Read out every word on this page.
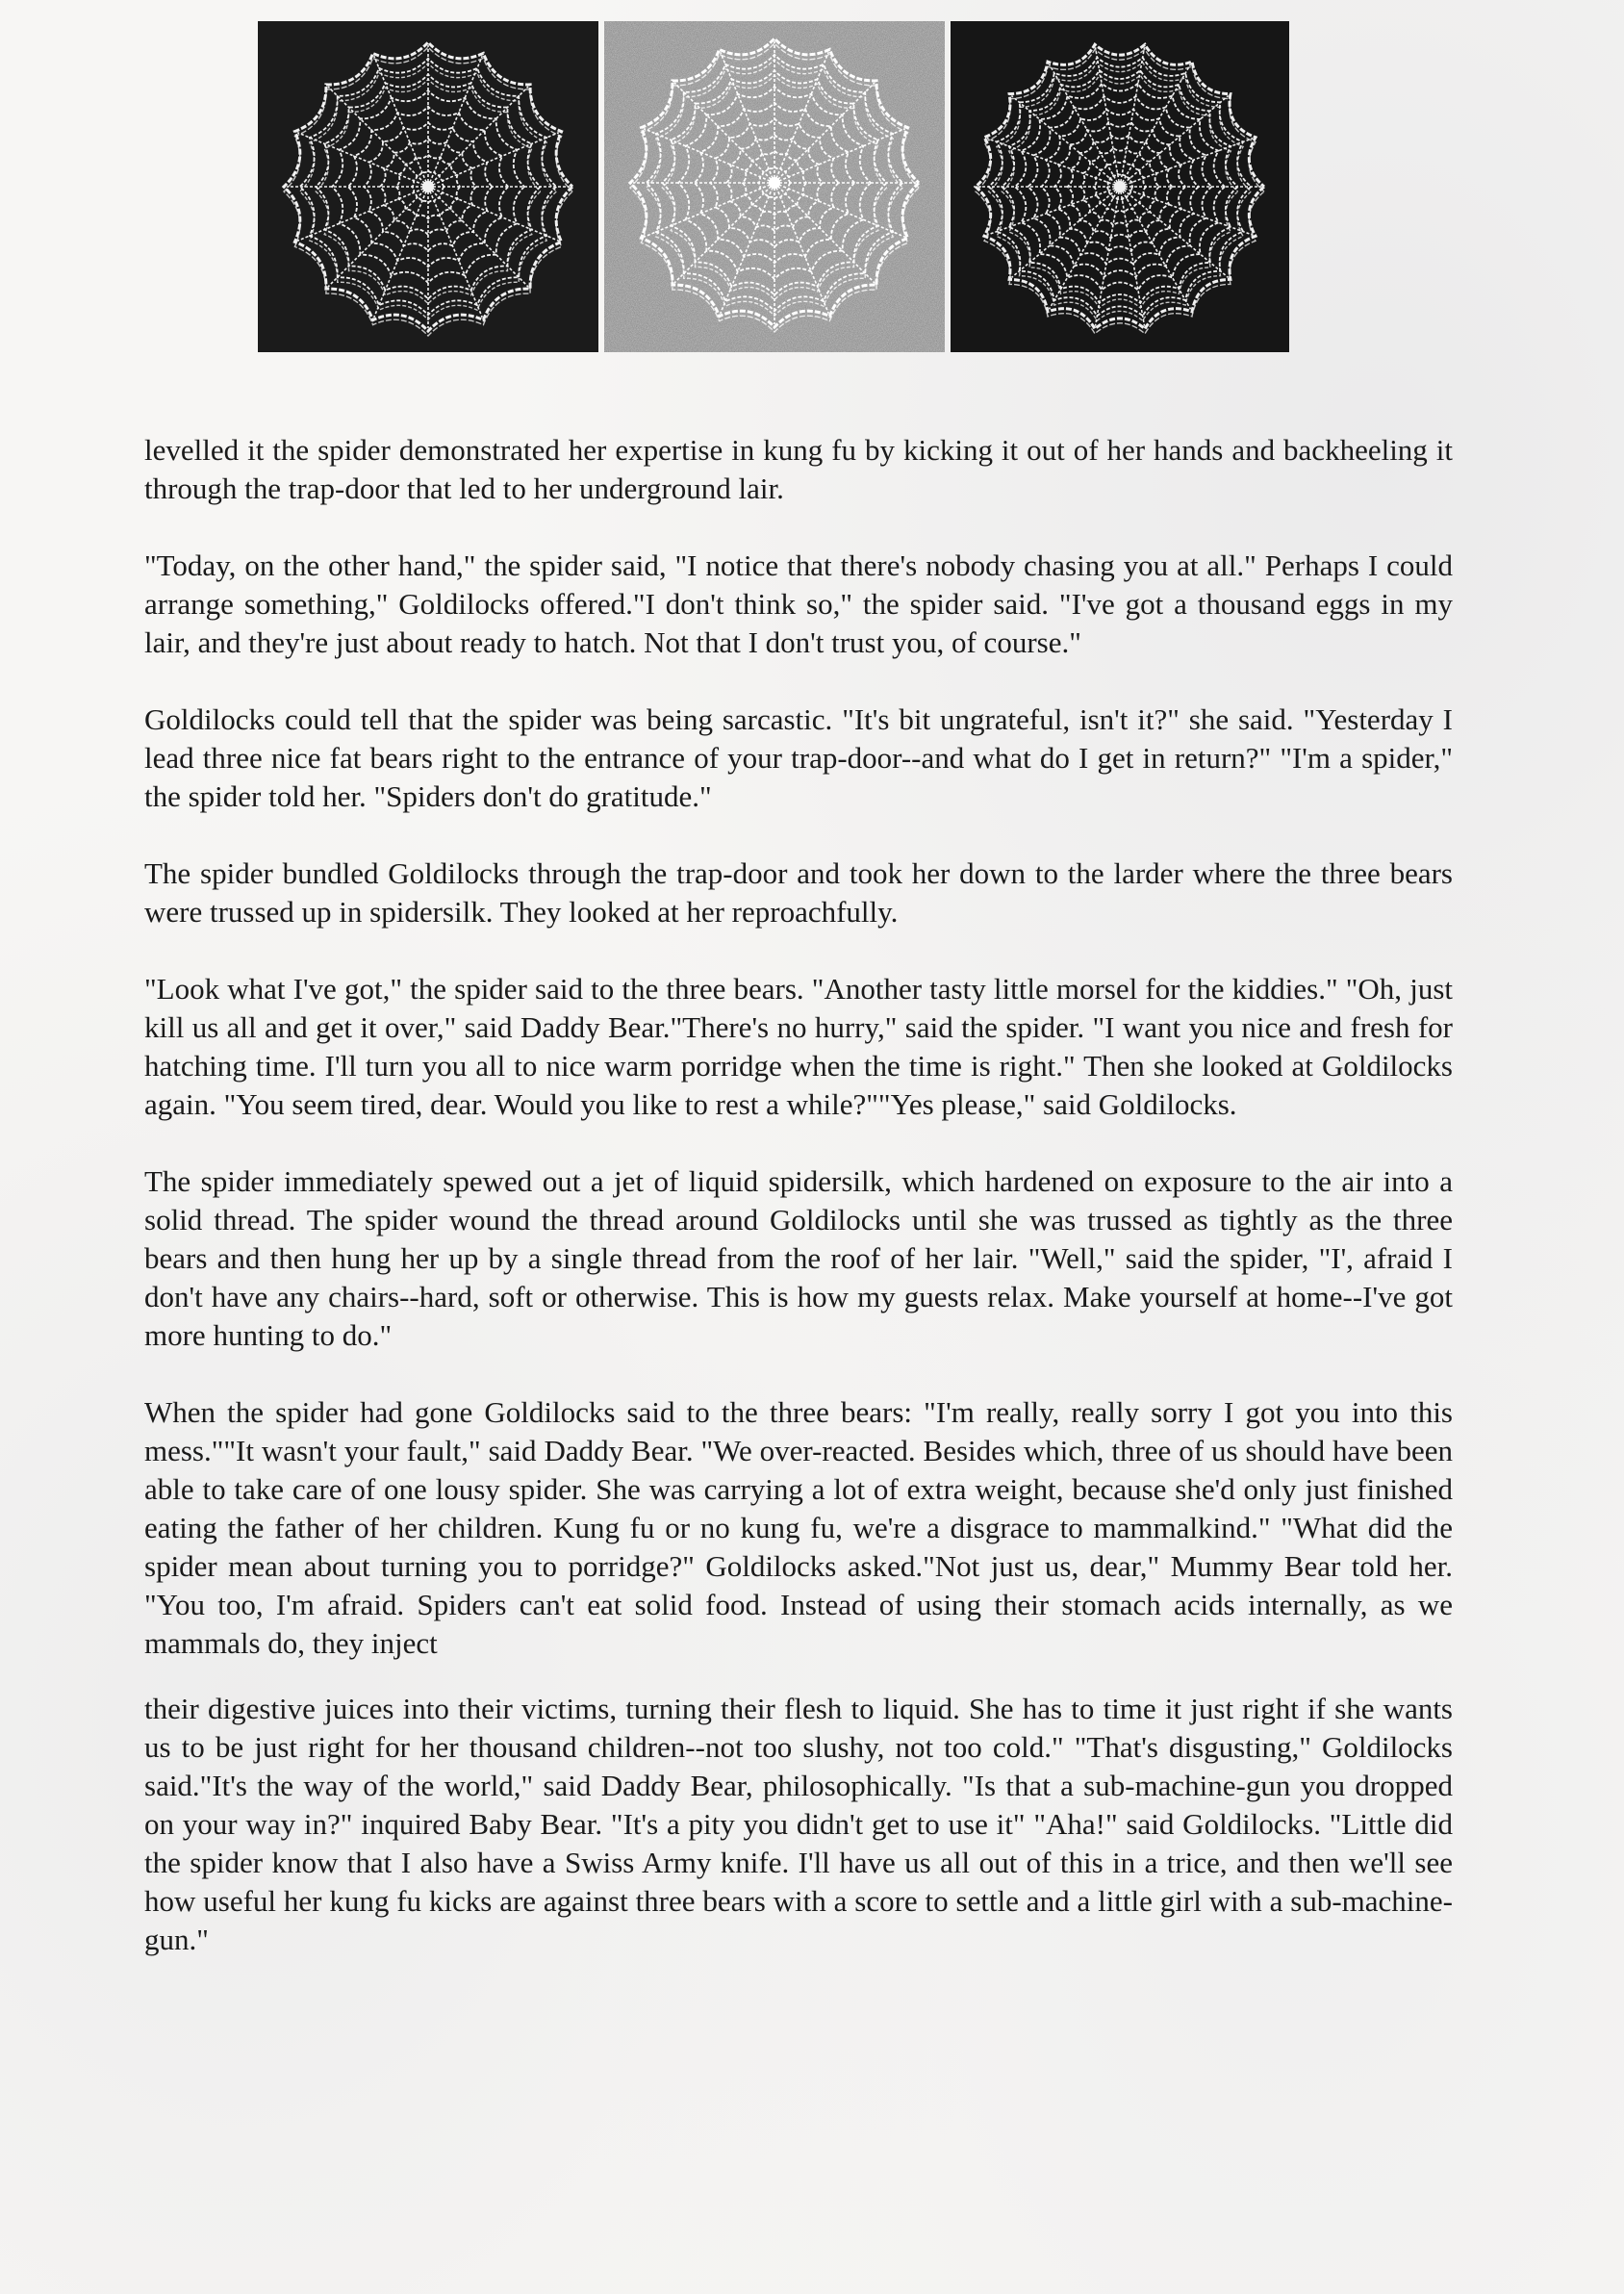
levelled it the spider demonstrated her expertise in kung fu by kicking it out of her hands and backheeling it through the trap-door that led to her underground lair.

"Today, on the other hand," the spider said, "I notice that there's nobody chasing you at all." Perhaps I could arrange something," Goldilocks offered."I don't think so," the spider said. "I've got a thousand eggs in my lair, and they're just about ready to hatch. Not that I don't trust you, of course."

Goldilocks could tell that the spider was being sarcastic. "It's bit ungrateful, isn't it?" she said. "Yesterday I lead three nice fat bears right to the entrance of your trap-door--and what do I get in return?" "I'm a spider," the spider told her. "Spiders don't do gratitude."

The spider bundled Goldilocks through the trap-door and took her down to the larder where the three bears were trussed up in spidersilk. They looked at her reproachfully.

"Look what I've got," the spider said to the three bears. "Another tasty little morsel for the kiddies." "Oh, just kill us all and get it over," said Daddy Bear."There's no hurry," said the spider. "I want you nice and fresh for hatching time. I'll turn you all to nice warm porridge when the time is right." Then she looked at Goldilocks again. "You seem tired, dear. Would you like to rest a while?""Yes please," said Goldilocks.

The spider immediately spewed out a jet of liquid spidersilk, which hardened on exposure to the air into a solid thread. The spider wound the thread around Goldilocks until she was trussed as tightly as the three bears and then hung her up by a single thread from the roof of her lair. "Well," said the spider, "I', afraid I don't have any chairs--hard, soft or otherwise. This is how my guests relax. Make yourself at home--I've got more hunting to do."

When the spider had gone Goldilocks said to the three bears: "I'm really, really sorry I got you into this mess.""It wasn't your fault," said Daddy Bear. "We over-reacted. Besides which, three of us should have been able to take care of one lousy spider. She was carrying a lot of extra weight, because she'd only just finished eating the father of her children. Kung fu or no kung fu, we're a disgrace to mammalkind." "What did the spider mean about turning you to porridge?" Goldilocks asked."Not just us, dear," Mummy Bear told her. "You too, I'm afraid. Spiders can't eat solid food. Instead of using their stomach acids internally, as we mammals do, they inject

their digestive juices into their victims, turning their flesh to liquid. She has to time it just right if she wants us to be just right for her thousand children--not too slushy, not too cold." "That's disgusting," Goldilocks said."It's the way of the world," said Daddy Bear, philosophically. "Is that a sub-machine-gun you dropped on your way in?" inquired Baby Bear. "It's a pity you didn't get to use it" "Aha!" said Goldilocks. "Little did the spider know that I also have a Swiss Army knife. I'll have us all out of this in a trice, and then we'll see how useful her kung fu kicks are against three bears with a score to settle and a little girl with a sub-machine-gun."
